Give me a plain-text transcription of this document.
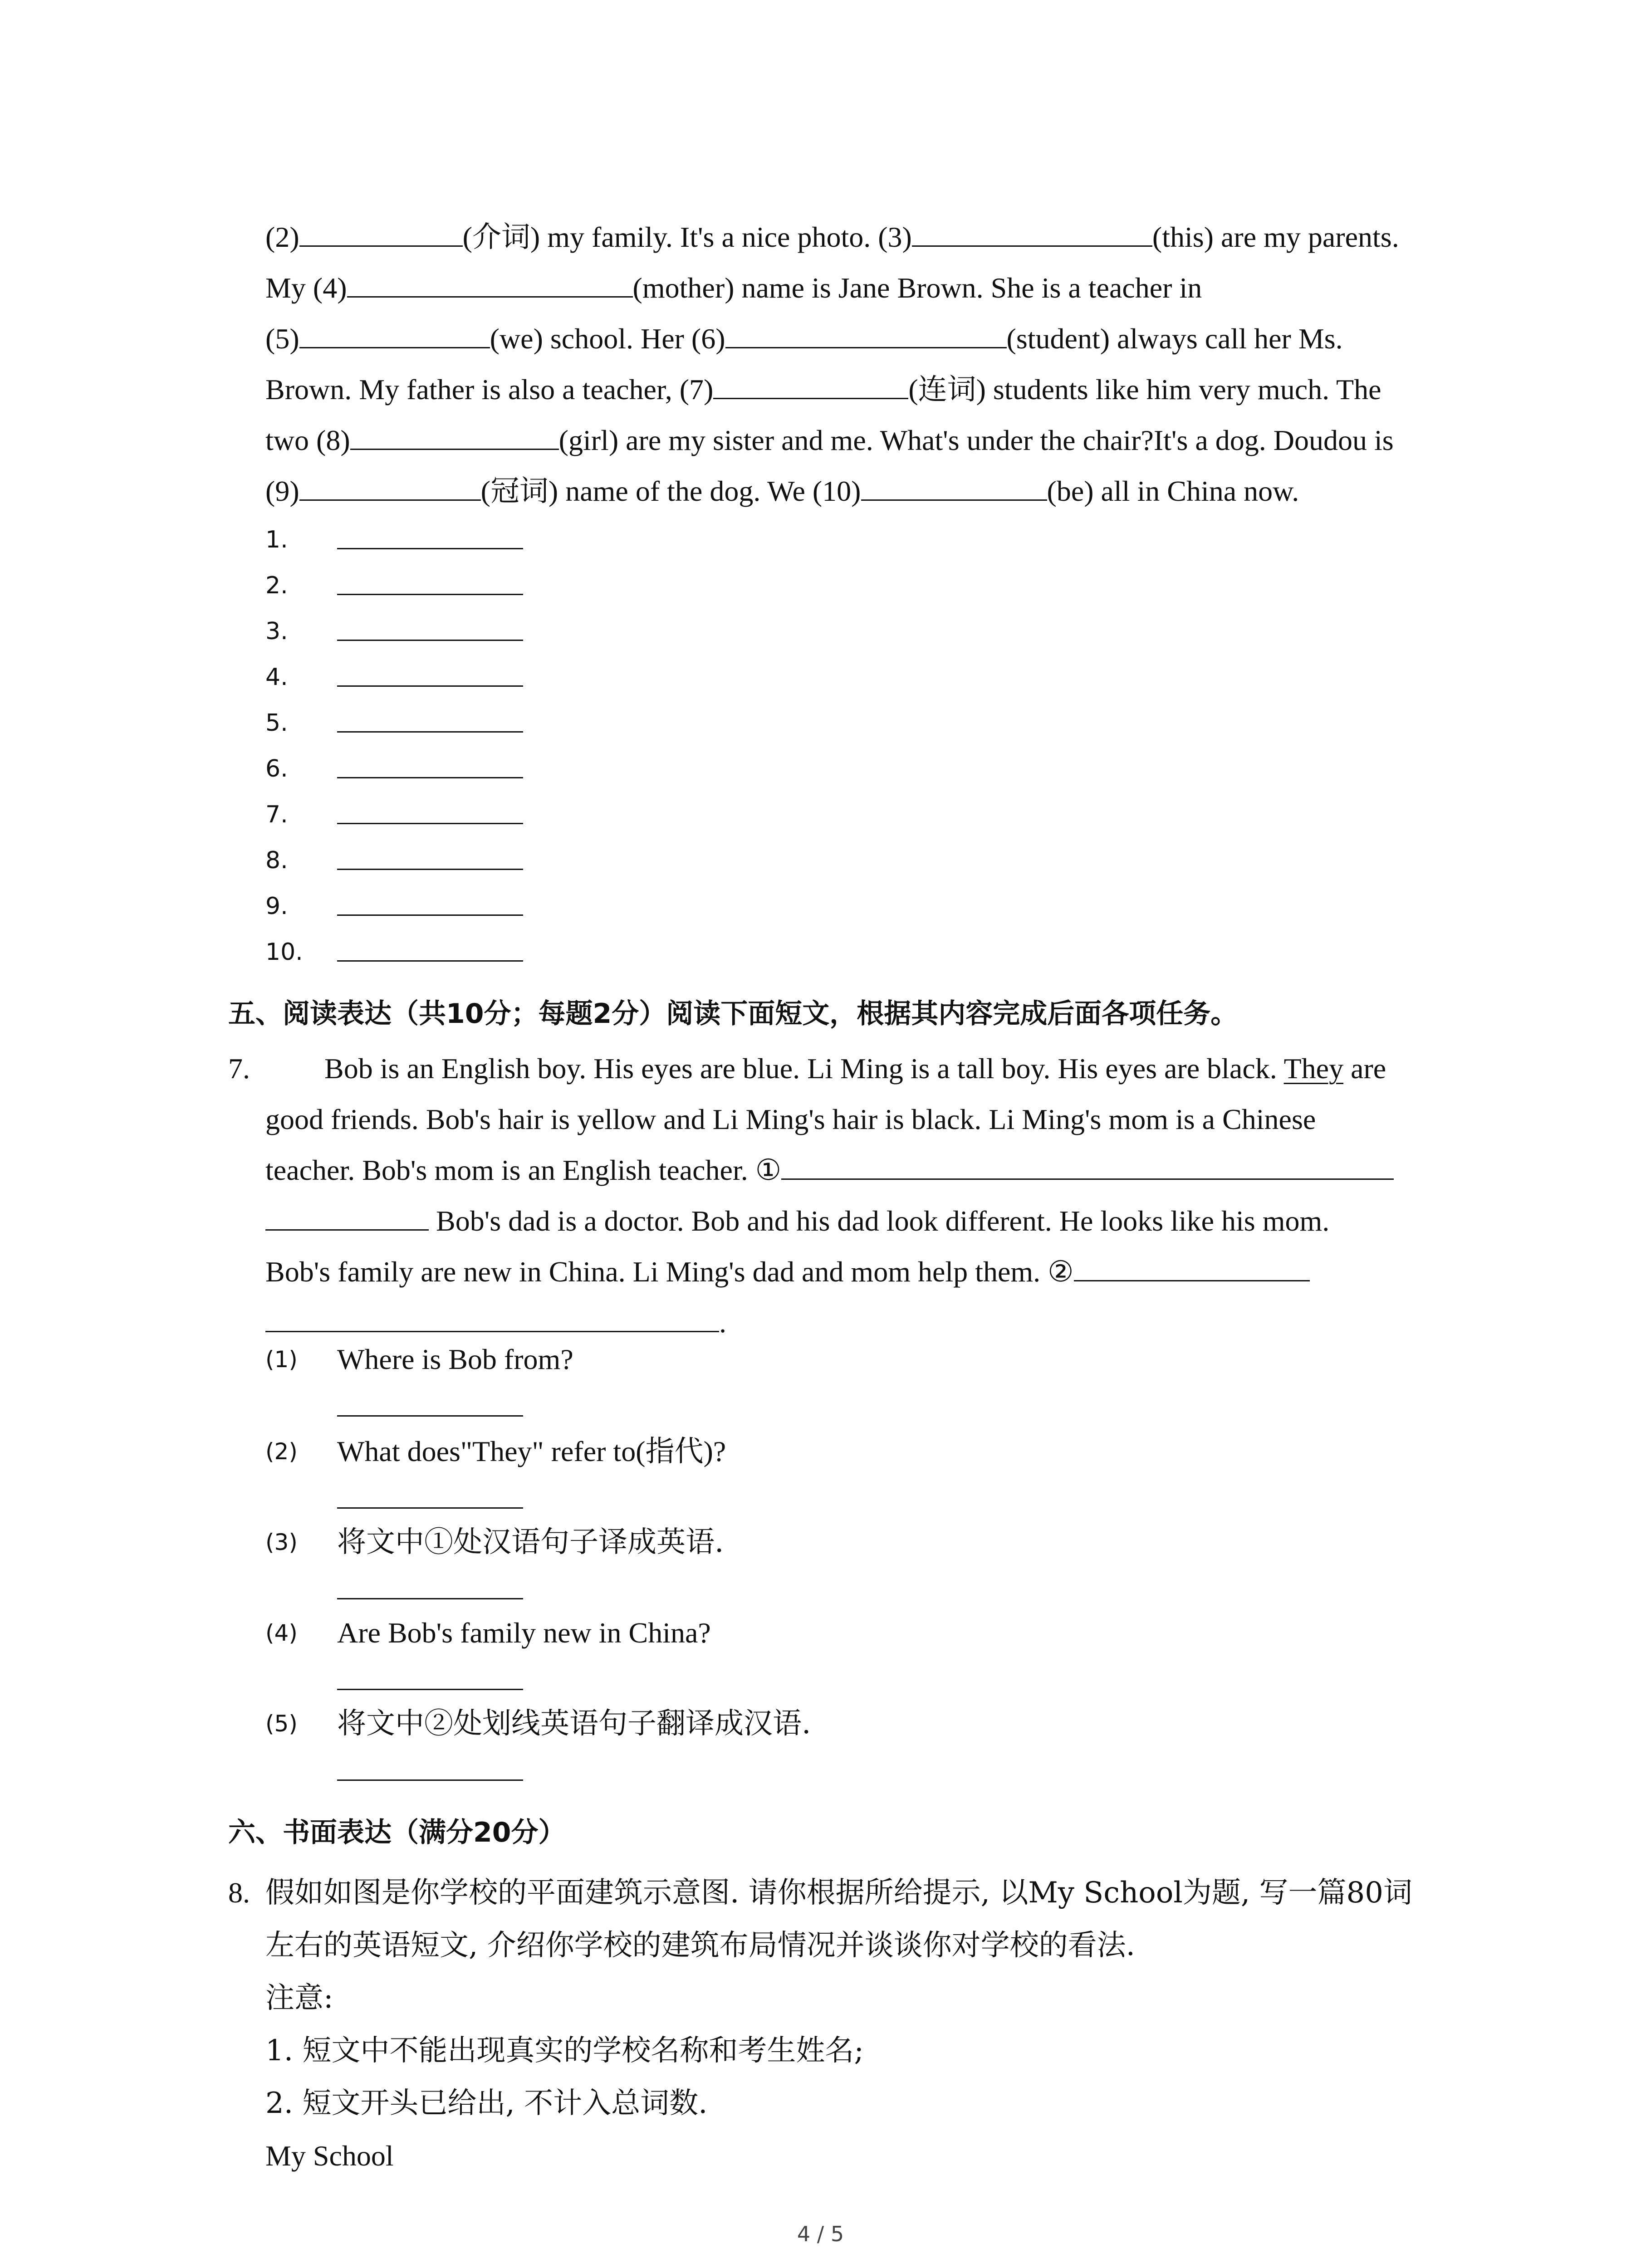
(2)	(介词) my family. It's a nice photo. (3)	(this) are my parents.
My (4)	(mother) name is Jane Brown. She is a teacher in
(5)	(we) school. Her (6)	(student) always call her Ms.
Brown. My father is also a teacher, (7)	(连词) students like him very much. The
two (8)	(girl) are my sister and me. What's under the chair?It's a dog. Doudou is
(9)	(冠词) name of the dog. We (10)	(be) all in China now.
1.
2.
3.
4.
5.
6.
7.
8.
9.
10.
五、阅读表达（共10分；每题2分）阅读下面短文，根据其内容完成后面各项任务。
7.	Bob is an English boy. His eyes are blue. Li Ming is a tall boy. His eyes are black. They are
good friends. Bob's hair is yellow and Li Ming's hair is black. Li Ming's mom is a Chinese
teacher. Bob's mom is an English teacher. ①
Bob's dad is a doctor. Bob and his dad look different. He looks like his mom.
Bob's family are new in China. Li Ming's dad and mom help them. ②
.
(1) Where is Bob from?
(2) What does"They" refer to(指代)?
(3) 将文中①处汉语句子译成英语.
(4) Are Bob's family new in China?
(5) 将文中②处划线英语句子翻译成汉语.
六、书面表达（满分20分）
8. 假如如图是你学校的平面建筑示意图. 请你根据所给提示, 以My School为题, 写一篇80词
左右的英语短文, 介绍你学校的建筑布局情况并谈谈你对学校的看法.
注意:
1. 短文中不能出现真实的学校名称和考生姓名;
2. 短文开头已给出, 不计入总词数.
My School
4 / 5
